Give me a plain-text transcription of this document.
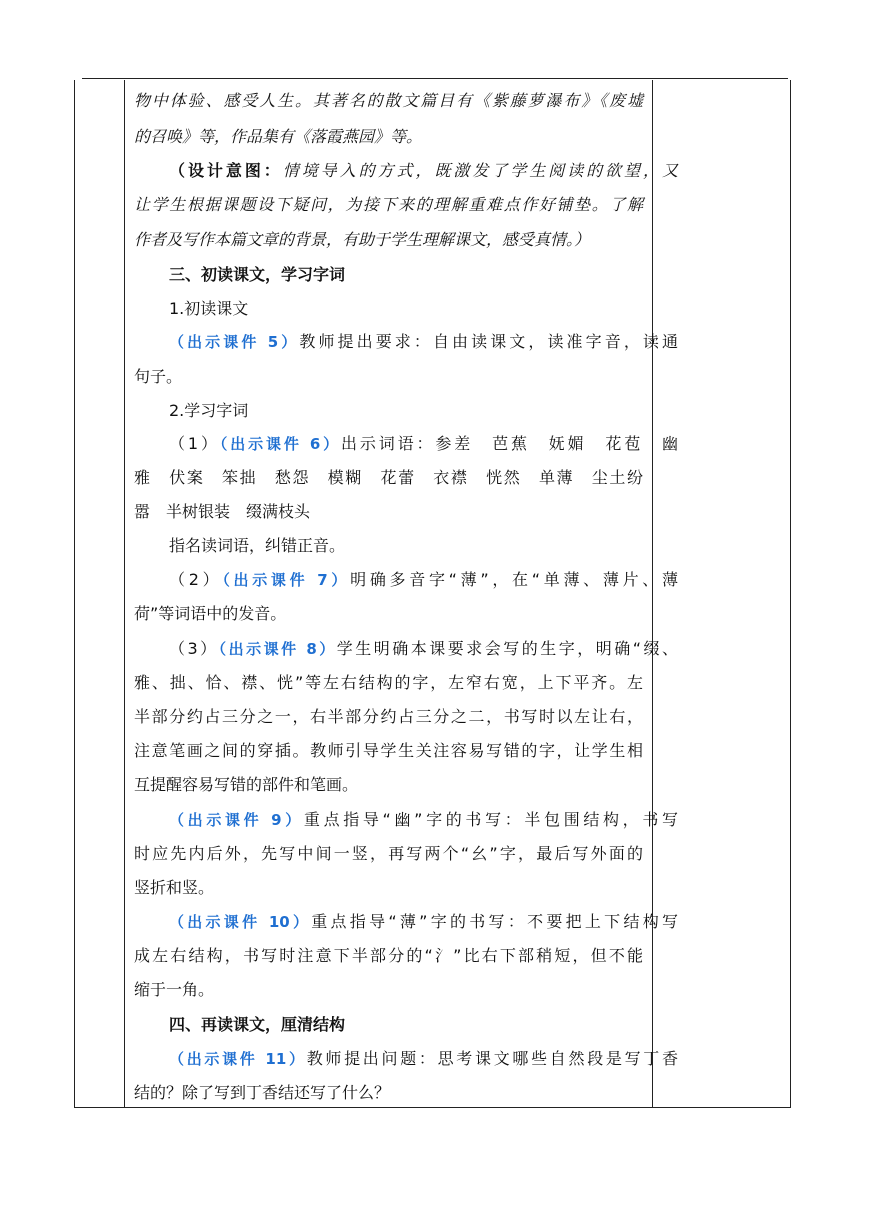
物中体验、感受人生。其著名的散文篇目有《紫藤萝瀑布》《废墟
的召唤》等，作品集有《落霞燕园》等。
（设计意图：情境导入的方式，既激发了学生阅读的欲望，又
让学生根据课题设下疑问，为接下来的理解重难点作好铺垫。了解
作者及写作本篇文章的背景，有助于学生理解课文，感受真情。）
三、初读课文，学习字词
1.初读课文
（出示课件 5）教师提出要求：自由读课文，读准字音，读通
句子。
2.学习字词
（1）（出示课件 6）出示词语：参差　芭蕉　妩媚　花苞　幽
雅　伏案　笨拙　愁怨　模糊　花蕾　衣襟　恍然　单薄　尘土纷
嚣　半树银装　缀满枝头
指名读词语，纠错正音。
（2）（出示课件 7）明确多音字“薄”，在“单薄、薄片、薄
荷”等词语中的发音。
（3）（出示课件 8）学生明确本课要求会写的生字，明确“缀、
雅、拙、恰、襟、恍”等左右结构的字，左窄右宽，上下平齐。左
半部分约占三分之一，右半部分约占三分之二，书写时以左让右，
注意笔画之间的穿插。教师引导学生关注容易写错的字，让学生相
互提醒容易写错的部件和笔画。
（出示课件 9）重点指导“幽”字的书写：半包围结构，书写
时应先内后外，先写中间一竖，再写两个“幺”字，最后写外面的
竖折和竖。
（出示课件 10）重点指导“薄”字的书写：不要把上下结构写
成左右结构，书写时注意下半部分的“氵”比右下部稍短，但不能
缩于一角。
四、再读课文，厘清结构
（出示课件 11）教师提出问题：思考课文哪些自然段是写丁香
结的？除了写到丁香结还写了什么？
